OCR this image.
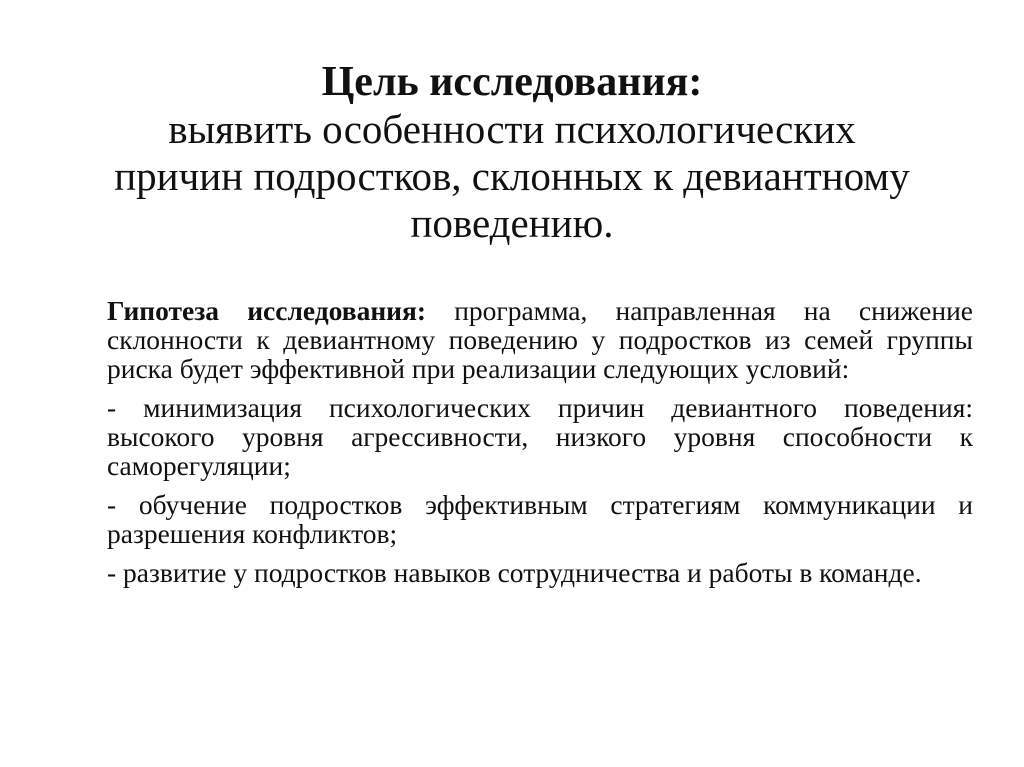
Цель исследования:
выявить особенности психологических
причин подростков, склонных к девиантному
поведению.

Гипотеза исследования: программа, направленная на снижение склонности к девиантному поведению у подростков из семей группы риска будет эффективной при реализации следующих условий:

- минимизация психологических причин девиантного поведения: высокого уровня агрессивности, низкого уровня способности к саморегуляции;

- обучение подростков эффективным стратегиям коммуникации и разрешения конфликтов;

- развитие у подростков навыков сотрудничества и работы в команде.
